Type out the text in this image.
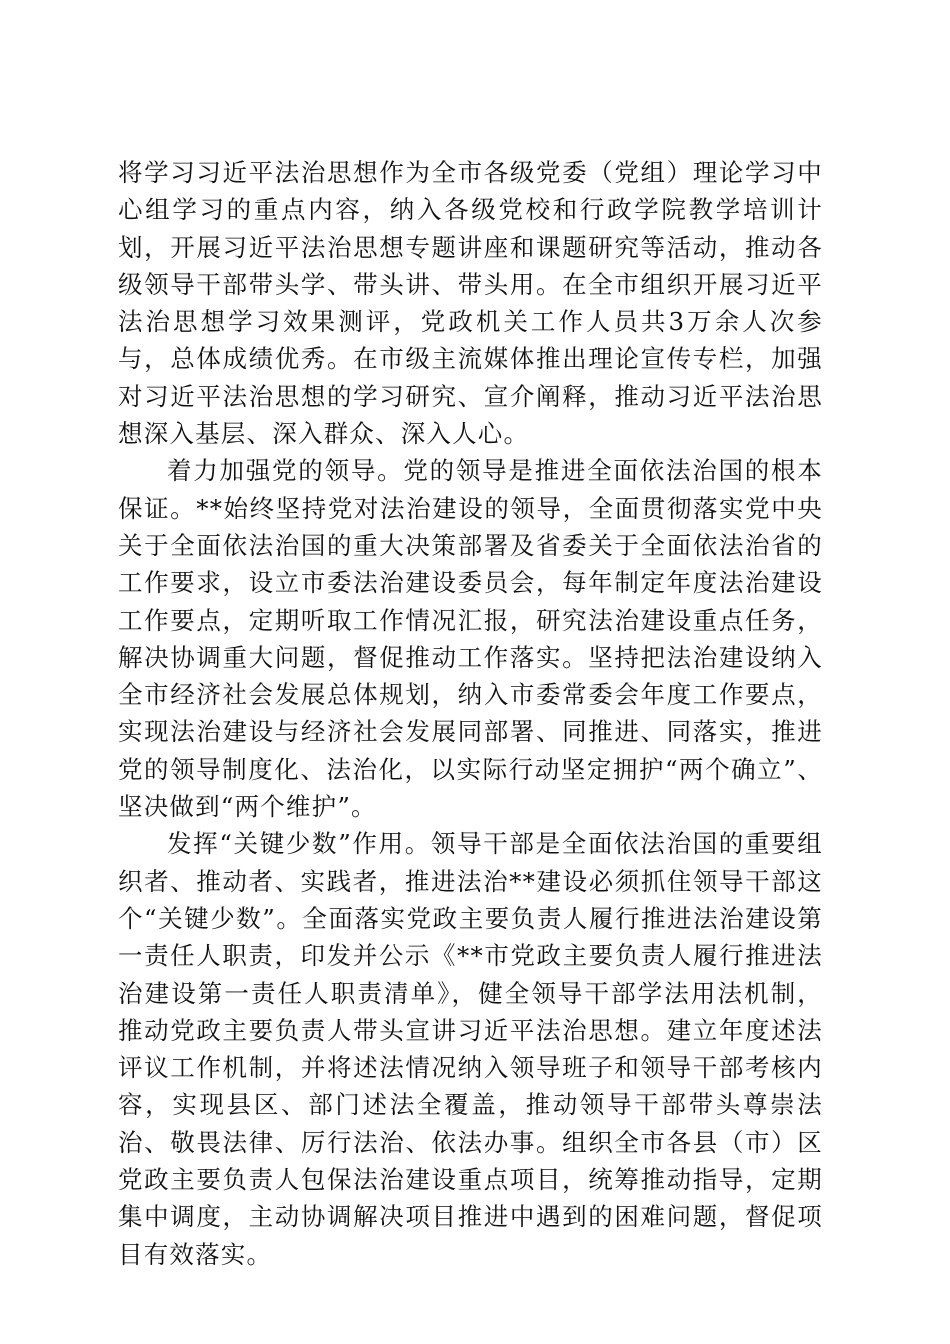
将学习习近平法治思想作为全市各级党委（党组）理论学习中心组学习的重点内容，纳入各级党校和行政学院教学培训计划，开展习近平法治思想专题讲座和课题研究等活动，推动各级领导干部带头学、带头讲、带头用。在全市组织开展习近平法治思想学习效果测评，党政机关工作人员共3万余人次参与，总体成绩优秀。在市级主流媒体推出理论宣传专栏，加强对习近平法治思想的学习研究、宣介阐释，推动习近平法治思想深入基层、深入群众、深入人心。

着力加强党的领导。党的领导是推进全面依法治国的根本保证。**始终坚持党对法治建设的领导，全面贯彻落实党中央关于全面依法治国的重大决策部署及省委关于全面依法治省的工作要求，设立市委法治建设委员会，每年制定年度法治建设工作要点，定期听取工作情况汇报，研究法治建设重点任务，解决协调重大问题，督促推动工作落实。坚持把法治建设纳入全市经济社会发展总体规划，纳入市委常委会年度工作要点，实现法治建设与经济社会发展同部署、同推进、同落实，推进党的领导制度化、法治化，以实际行动坚定拥护“两个确立”、坚决做到“两个维护”。

发挥“关键少数”作用。领导干部是全面依法治国的重要组织者、推动者、实践者，推进法治**建设必须抓住领导干部这个“关键少数”。全面落实党政主要负责人履行推进法治建设第一责任人职责，印发并公示《**市党政主要负责人履行推进法治建设第一责任人职责清单》，健全领导干部学法用法机制，推动党政主要负责人带头宣讲习近平法治思想。建立年度述法评议工作机制，并将述法情况纳入领导班子和领导干部考核内容，实现县区、部门述法全覆盖，推动领导干部带头尊崇法治、敬畏法律、厉行法治、依法办事。组织全市各县（市）区党政主要负责人包保法治建设重点项目，统筹推动指导，定期集中调度，主动协调解决项目推进中遇到的困难问题，督促项目有效落实。
